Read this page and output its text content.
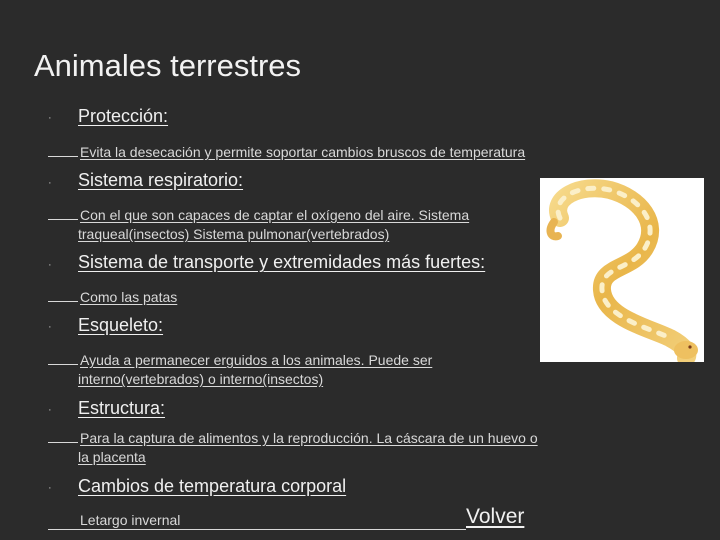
Animales terrestres
· Protección:
Evita la desecación y permite soportar cambios bruscos de temperatura
· Sistema respiratorio:
Con el que son capaces de captar el oxígeno del aire. Sistema
traqueal(insectos) Sistema pulmonar(vertebrados)
· Sistema de transporte y extremidades más fuertes:
Como las patas
· Esqueleto:
Ayuda a permanecer erguidos a los animales. Puede ser
interno(vertebrados) o interno(insectos)
· Estructura:
Para la captura de alimentos y la reproducción. La cáscara de un huevo o
la placenta
· Cambios de temperatura corporal
Letargo invernal	Volver
